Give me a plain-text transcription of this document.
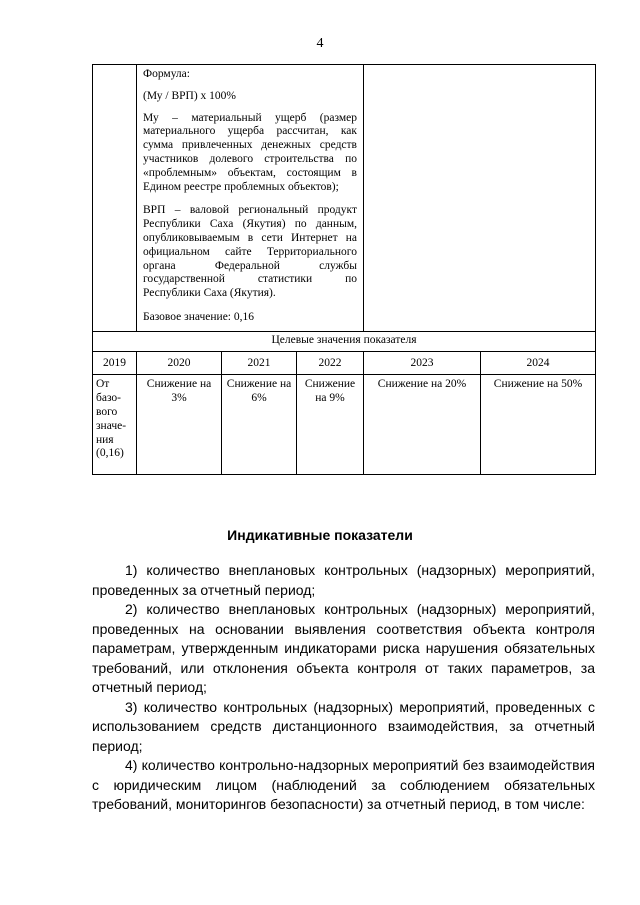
4

	Формула:

(Му / ВРП) х 100%

Му – материальный ущерб (размер материального ущерба рассчитан, как сумма привлеченных денежных средств участников долевого строительства по «проблемным» объектам, состоящим в Едином реестре проблемных объектов);

ВРП – валовой региональный продукт Республики Саха (Якутия) по данным, опубликовываемым в сети Интернет на официальном сайте Территориального органа Федеральной службы государственной статистики по Республики Саха (Якутия).

Базовое значение: 0,16				

Целевые значения показателя					
2019	2020	2021	2022	2023	2024
От базо-вого значе-ния (0,16)	Снижение на 3%	Снижение на 6%	Снижение на 9%	Снижение на 20%	Снижение на 50%
Индикативные показатели

1) количество внеплановых контрольных (надзорных) мероприятий, проведенных за отчетный период;

2) количество внеплановых контрольных (надзорных) мероприятий, проведенных на основании выявления соответствия объекта контроля параметрам, утвержденным индикаторами риска нарушения обязательных требований, или отклонения объекта контроля от таких параметров, за отчетный период;

3) количество контрольных (надзорных) мероприятий, проведенных с использованием средств дистанционного взаимодействия, за отчетный период;

4) количество контрольно-надзорных мероприятий без взаимодействия с юридическим лицом (наблюдений за соблюдением обязательных требований, мониторингов безопасности) за отчетный период, в том числе:
